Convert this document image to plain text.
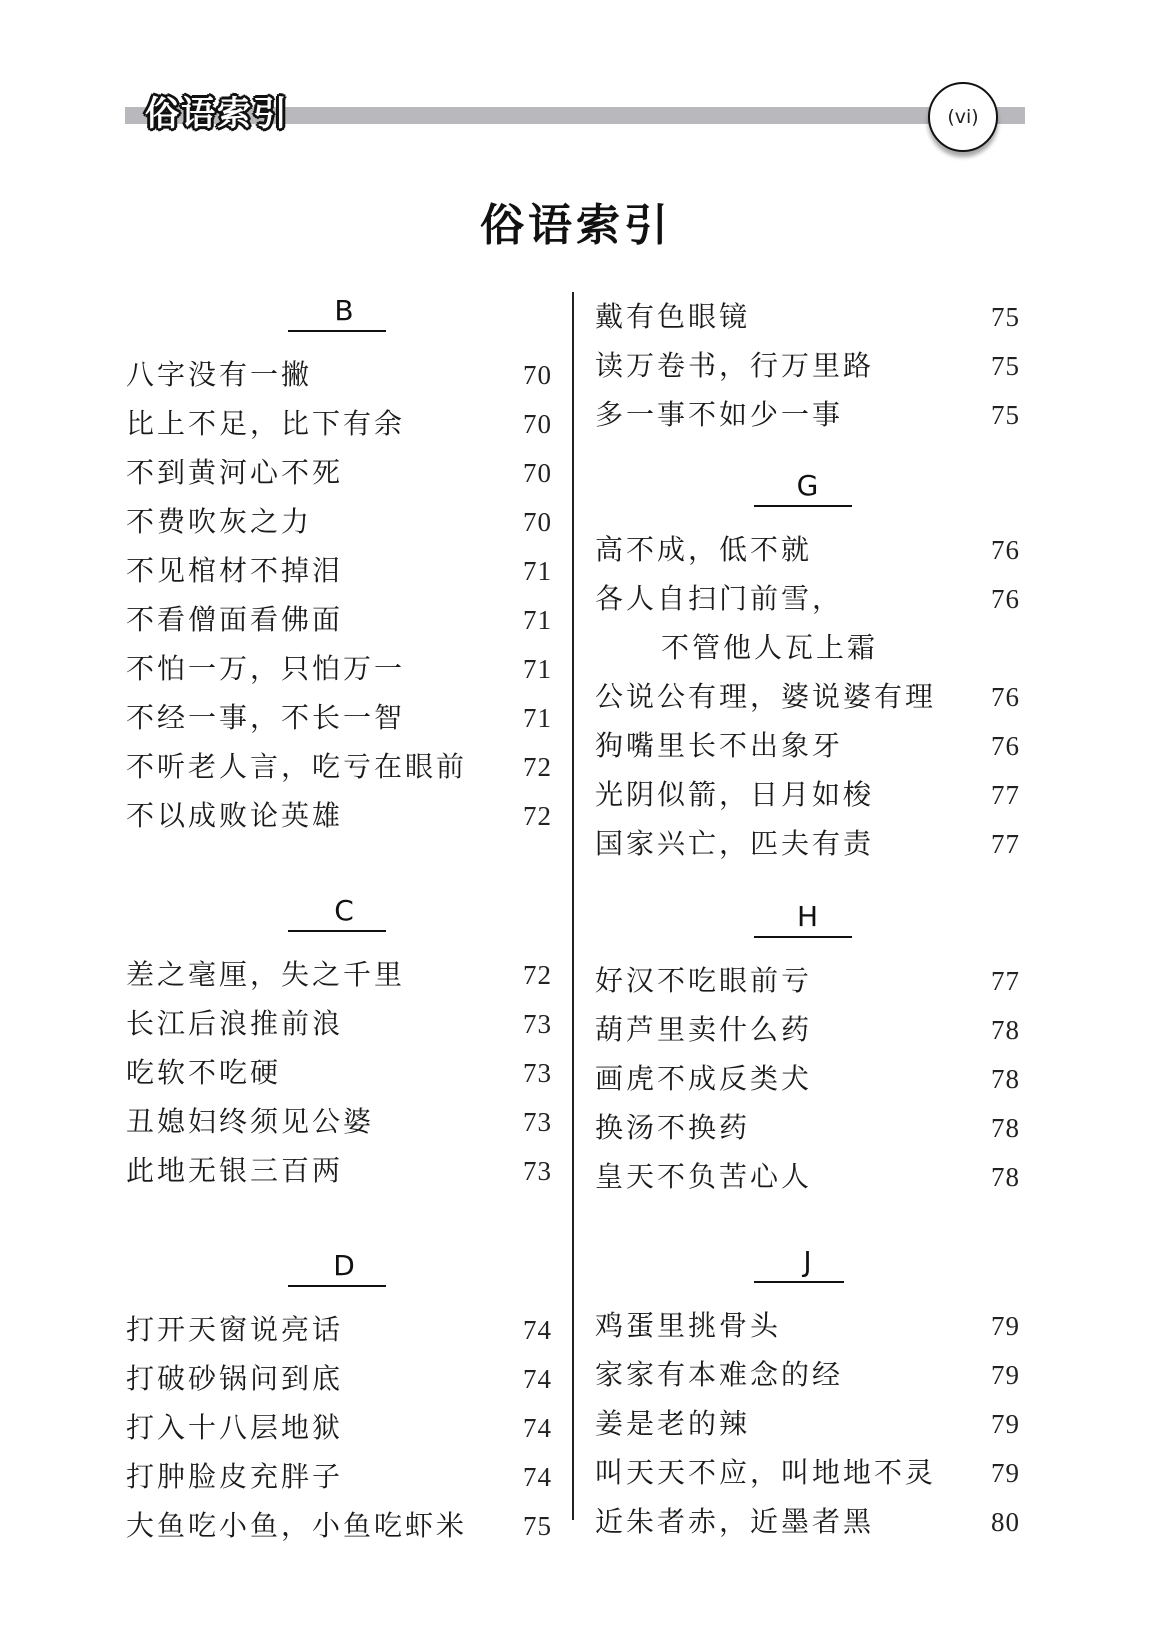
俗语索引	(vi)
俗语索引
B
八字没有一撇	70
比上不足，比下有余	70
不到黄河心不死	70
不费吹灰之力	70
不见棺材不掉泪	71
不看僧面看佛面	71
不怕一万，只怕万一	71
不经一事，不长一智	71
不听老人言，吃亏在眼前 72
不以成败论英雄	72
C
差之毫厘，失之千里	72
长江后浪推前浪	73
吃软不吃硬	73
丑媳妇终须见公婆	73
此地无银三百两	73
D
打开天窗说亮话	74
打破砂锅问到底	74
打入十八层地狱	74
打肿脸皮充胖子	74
大鱼吃小鱼，小鱼吃虾米 75
戴有色眼镜	75
读万卷书，行万里路	75
多一事不如少一事	75
G
高不成，低不就	76
各人自扫门前雪，	76
不管他人瓦上霜
公说公有理，婆说婆有理 76
狗嘴里长不出象牙	76
光阴似箭，日月如梭	77
国家兴亡，匹夫有责	77
H
好汉不吃眼前亏	77
葫芦里卖什么药	78
画虎不成反类犬	78
换汤不换药	78
皇天不负苦心人	78
J
鸡蛋里挑骨头	79
家家有本难念的经	79
姜是老的辣	79
叫天天不应，叫地地不灵 79
近朱者赤，近墨者黑	80
